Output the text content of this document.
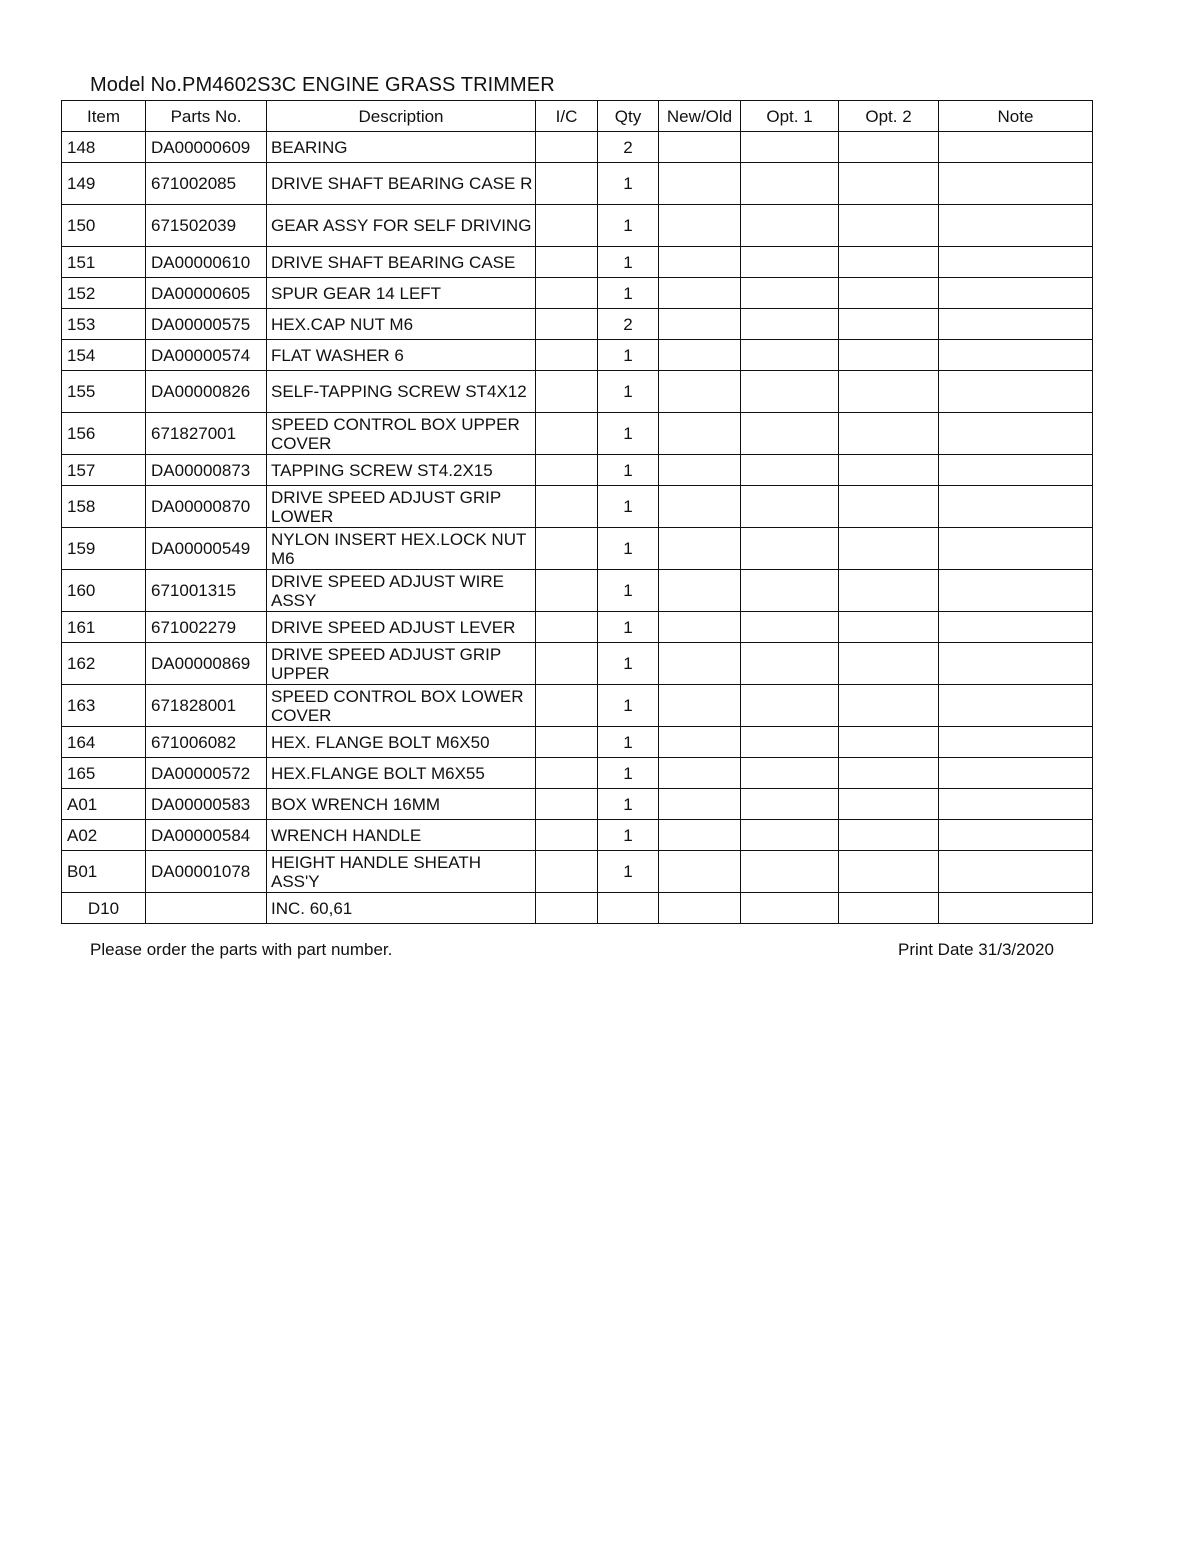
Model No.PM4602S3C ENGINE GRASS TRIMMER
Item	Parts No.	Description	I/C	Qty	New/Old	Opt. 1	Opt. 2	Note
148	DA00000609	BEARING		2				
149	671002085	DRIVE SHAFT BEARING CASE R		1				
150	671502039	GEAR ASSY FOR SELF DRIVING		1				
151	DA00000610	DRIVE SHAFT BEARING CASE		1				
152	DA00000605	SPUR GEAR 14 LEFT		1				
153	DA00000575	HEX.CAP NUT M6		2				
154	DA00000574	FLAT WASHER 6		1				
155	DA00000826	SELF-TAPPING SCREW ST4X12		1				
156	671827001	SPEED CONTROL BOX UPPER COVER		1				
157	DA00000873	TAPPING SCREW ST4.2X15		1				
158	DA00000870	DRIVE SPEED ADJUST GRIP LOWER		1				
159	DA00000549	NYLON INSERT HEX.LOCK NUT M6		1				
160	671001315	DRIVE SPEED ADJUST WIRE ASSY		1				
161	671002279	DRIVE SPEED ADJUST LEVER		1				
162	DA00000869	DRIVE SPEED ADJUST GRIP UPPER		1				
163	671828001	SPEED CONTROL BOX LOWER COVER		1				
164	671006082	HEX. FLANGE BOLT M6X50		1				
165	DA00000572	HEX.FLANGE BOLT M6X55		1				
A01	DA00000583	BOX WRENCH 16MM		1				
A02	DA00000584	WRENCH HANDLE		1				
B01	DA00001078	HEIGHT HANDLE SHEATH ASS'Y		1				
D10		INC. 60,61						
Please order the parts with part number.	Print Date 31/3/2020
